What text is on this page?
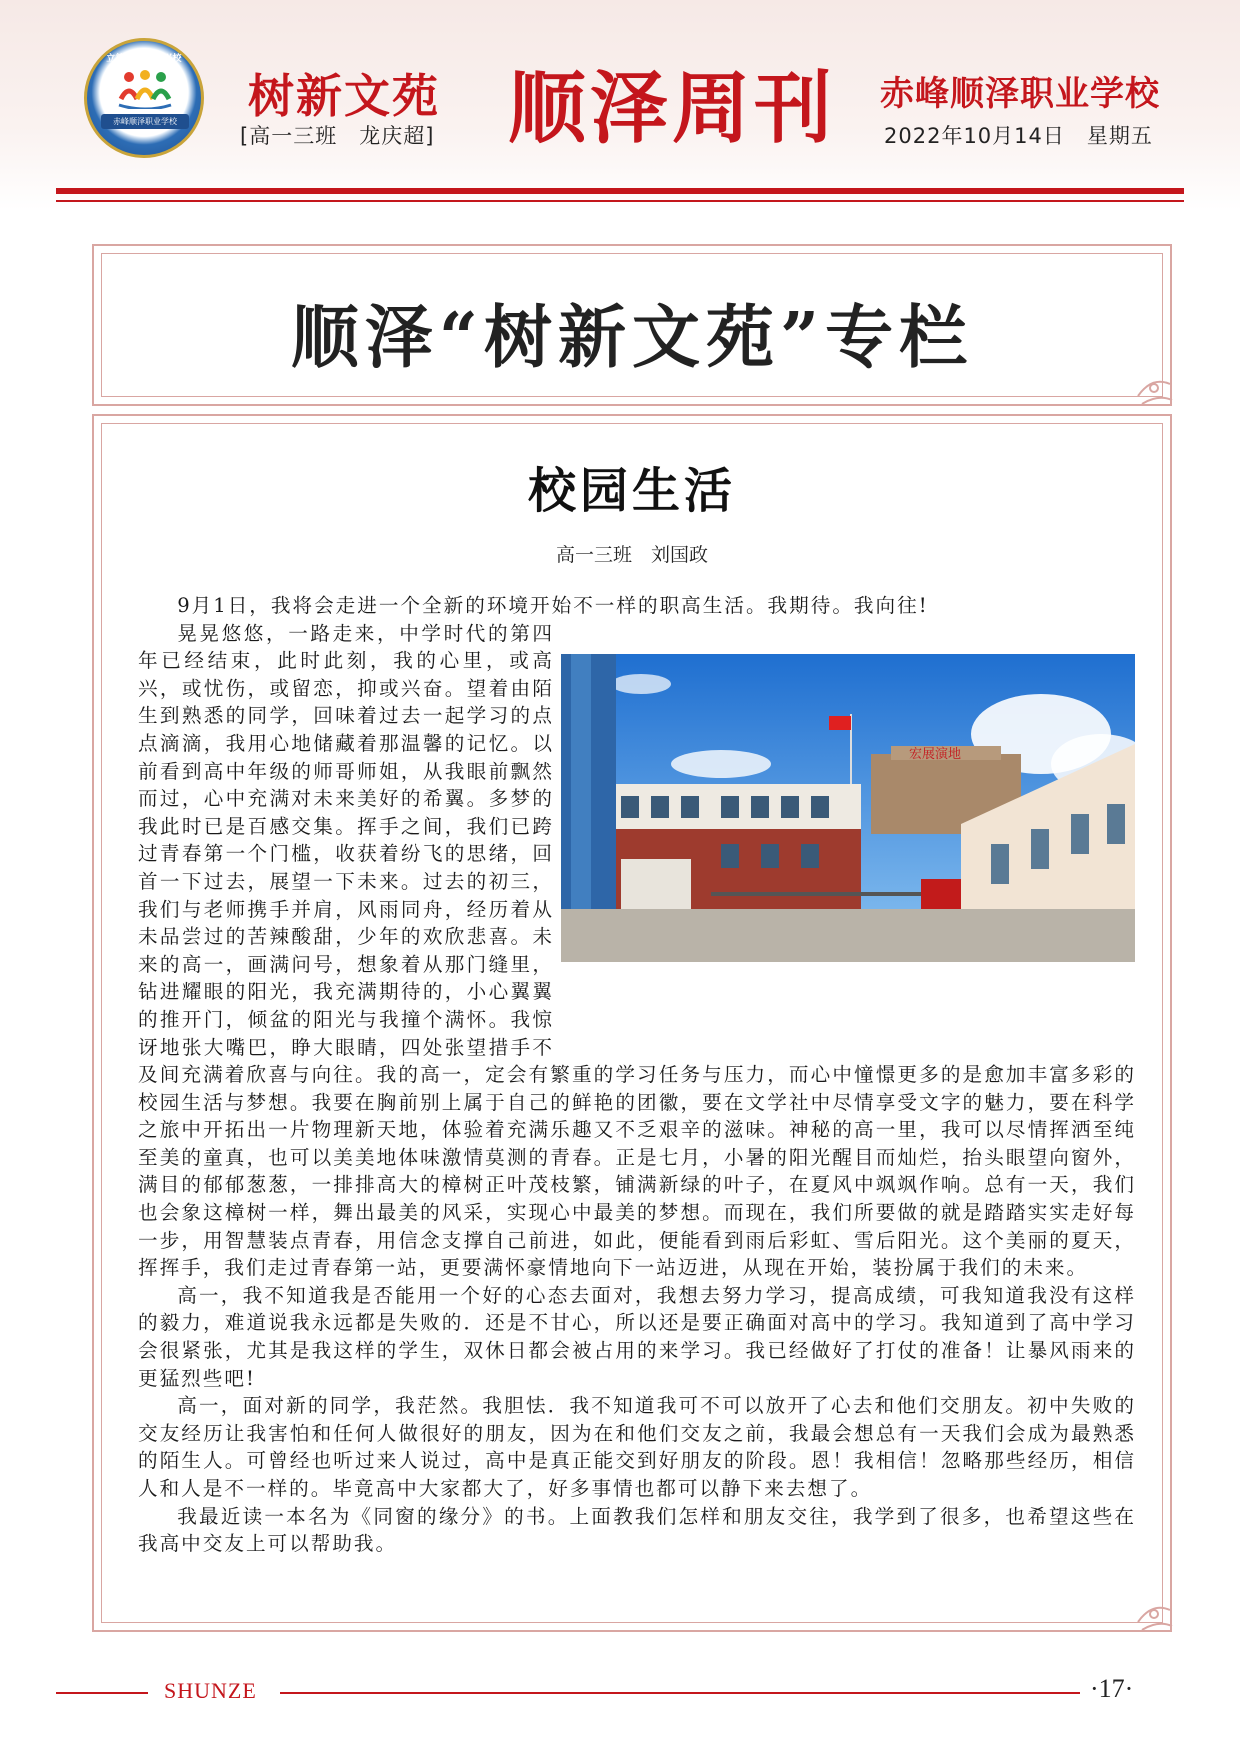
立德树人 质量兴校
赤峰顺泽职业学校 树新文苑
[高一三班　龙庆超] 顺泽周刊 赤峰顺泽职业学校
2022年10月14日　星期五
顺泽“树新文苑”专栏
校园生活
高一三班　刘国政
宏展演地

9月1日，我将会走进一个全新的环境开始不一样的职高生活。我期待。我向往!

晃晃悠悠，一路走来，中学时代的第四年已经结束，此时此刻，我的心里，或高兴，或忧伤，或留恋，抑或兴奋。望着由陌生到熟悉的同学，回味着过去一起学习的点点滴滴，我用心地储藏着那温馨的记忆。以前看到高中年级的师哥师姐，从我眼前飘然而过，心中充满对未来美好的希翼。多梦的我此时已是百感交集。挥手之间，我们已跨过青春第一个门槛，收获着纷飞的思绪，回首一下过去，展望一下未来。过去的初三，我们与老师携手并肩，风雨同舟，经历着从未品尝过的苦辣酸甜，少年的欢欣悲喜。未来的高一，画满问号，想象着从那门缝里，钻进耀眼的阳光，我充满期待的，小心翼翼的推开门，倾盆的阳光与我撞个满怀。我惊讶地张大嘴巴，睁大眼睛，四处张望措手不及间充满着欣喜与向往。我的高一，定会有繁重的学习任务与压力，而心中憧憬更多的是愈加丰富多彩的校园生活与梦想。我要在胸前别上属于自己的鲜艳的团徽，要在文学社中尽情享受文字的魅力，要在科学之旅中开拓出一片物理新天地，体验着充满乐趣又不乏艰辛的滋味。神秘的高一里，我可以尽情挥洒至纯至美的童真，也可以美美地体味激情莫测的青春。正是七月，小暑的阳光醒目而灿烂，抬头眼望向窗外，满目的郁郁葱葱，一排排高大的樟树正叶茂枝繁，铺满新绿的叶子，在夏风中飒飒作响。总有一天，我们也会象这樟树一样，舞出最美的风采，实现心中最美的梦想。而现在，我们所要做的就是踏踏实实走好每一步，用智慧装点青春，用信念支撑自己前进，如此，便能看到雨后彩虹、雪后阳光。这个美丽的夏天，挥挥手，我们走过青春第一站，更要满怀豪情地向下一站迈进，从现在开始，装扮属于我们的未来。

高一，我不知道我是否能用一个好的心态去面对，我想去努力学习，提高成绩，可我知道我没有这样的毅力，难道说我永远都是失败的．还是不甘心，所以还是要正确面对高中的学习。我知道到了高中学习会很紧张，尤其是我这样的学生，双休日都会被占用的来学习。我已经做好了打仗的准备！让暴风雨来的更猛烈些吧!

高一，面对新的同学，我茫然。我胆怯．我不知道我可不可以放开了心去和他们交朋友。初中失败的交友经历让我害怕和任何人做很好的朋友，因为在和他们交友之前，我最会想总有一天我们会成为最熟悉的陌生人。可曾经也听过来人说过，高中是真正能交到好朋友的阶段。恩！我相信！忽略那些经历，相信人和人是不一样的。毕竟高中大家都大了，好多事情也都可以静下来去想了。

我最近读一本名为《同窗的缘分》的书。上面教我们怎样和朋友交往，我学到了很多，也希望这些在我高中交友上可以帮助我。

SHUNZE	·17·
